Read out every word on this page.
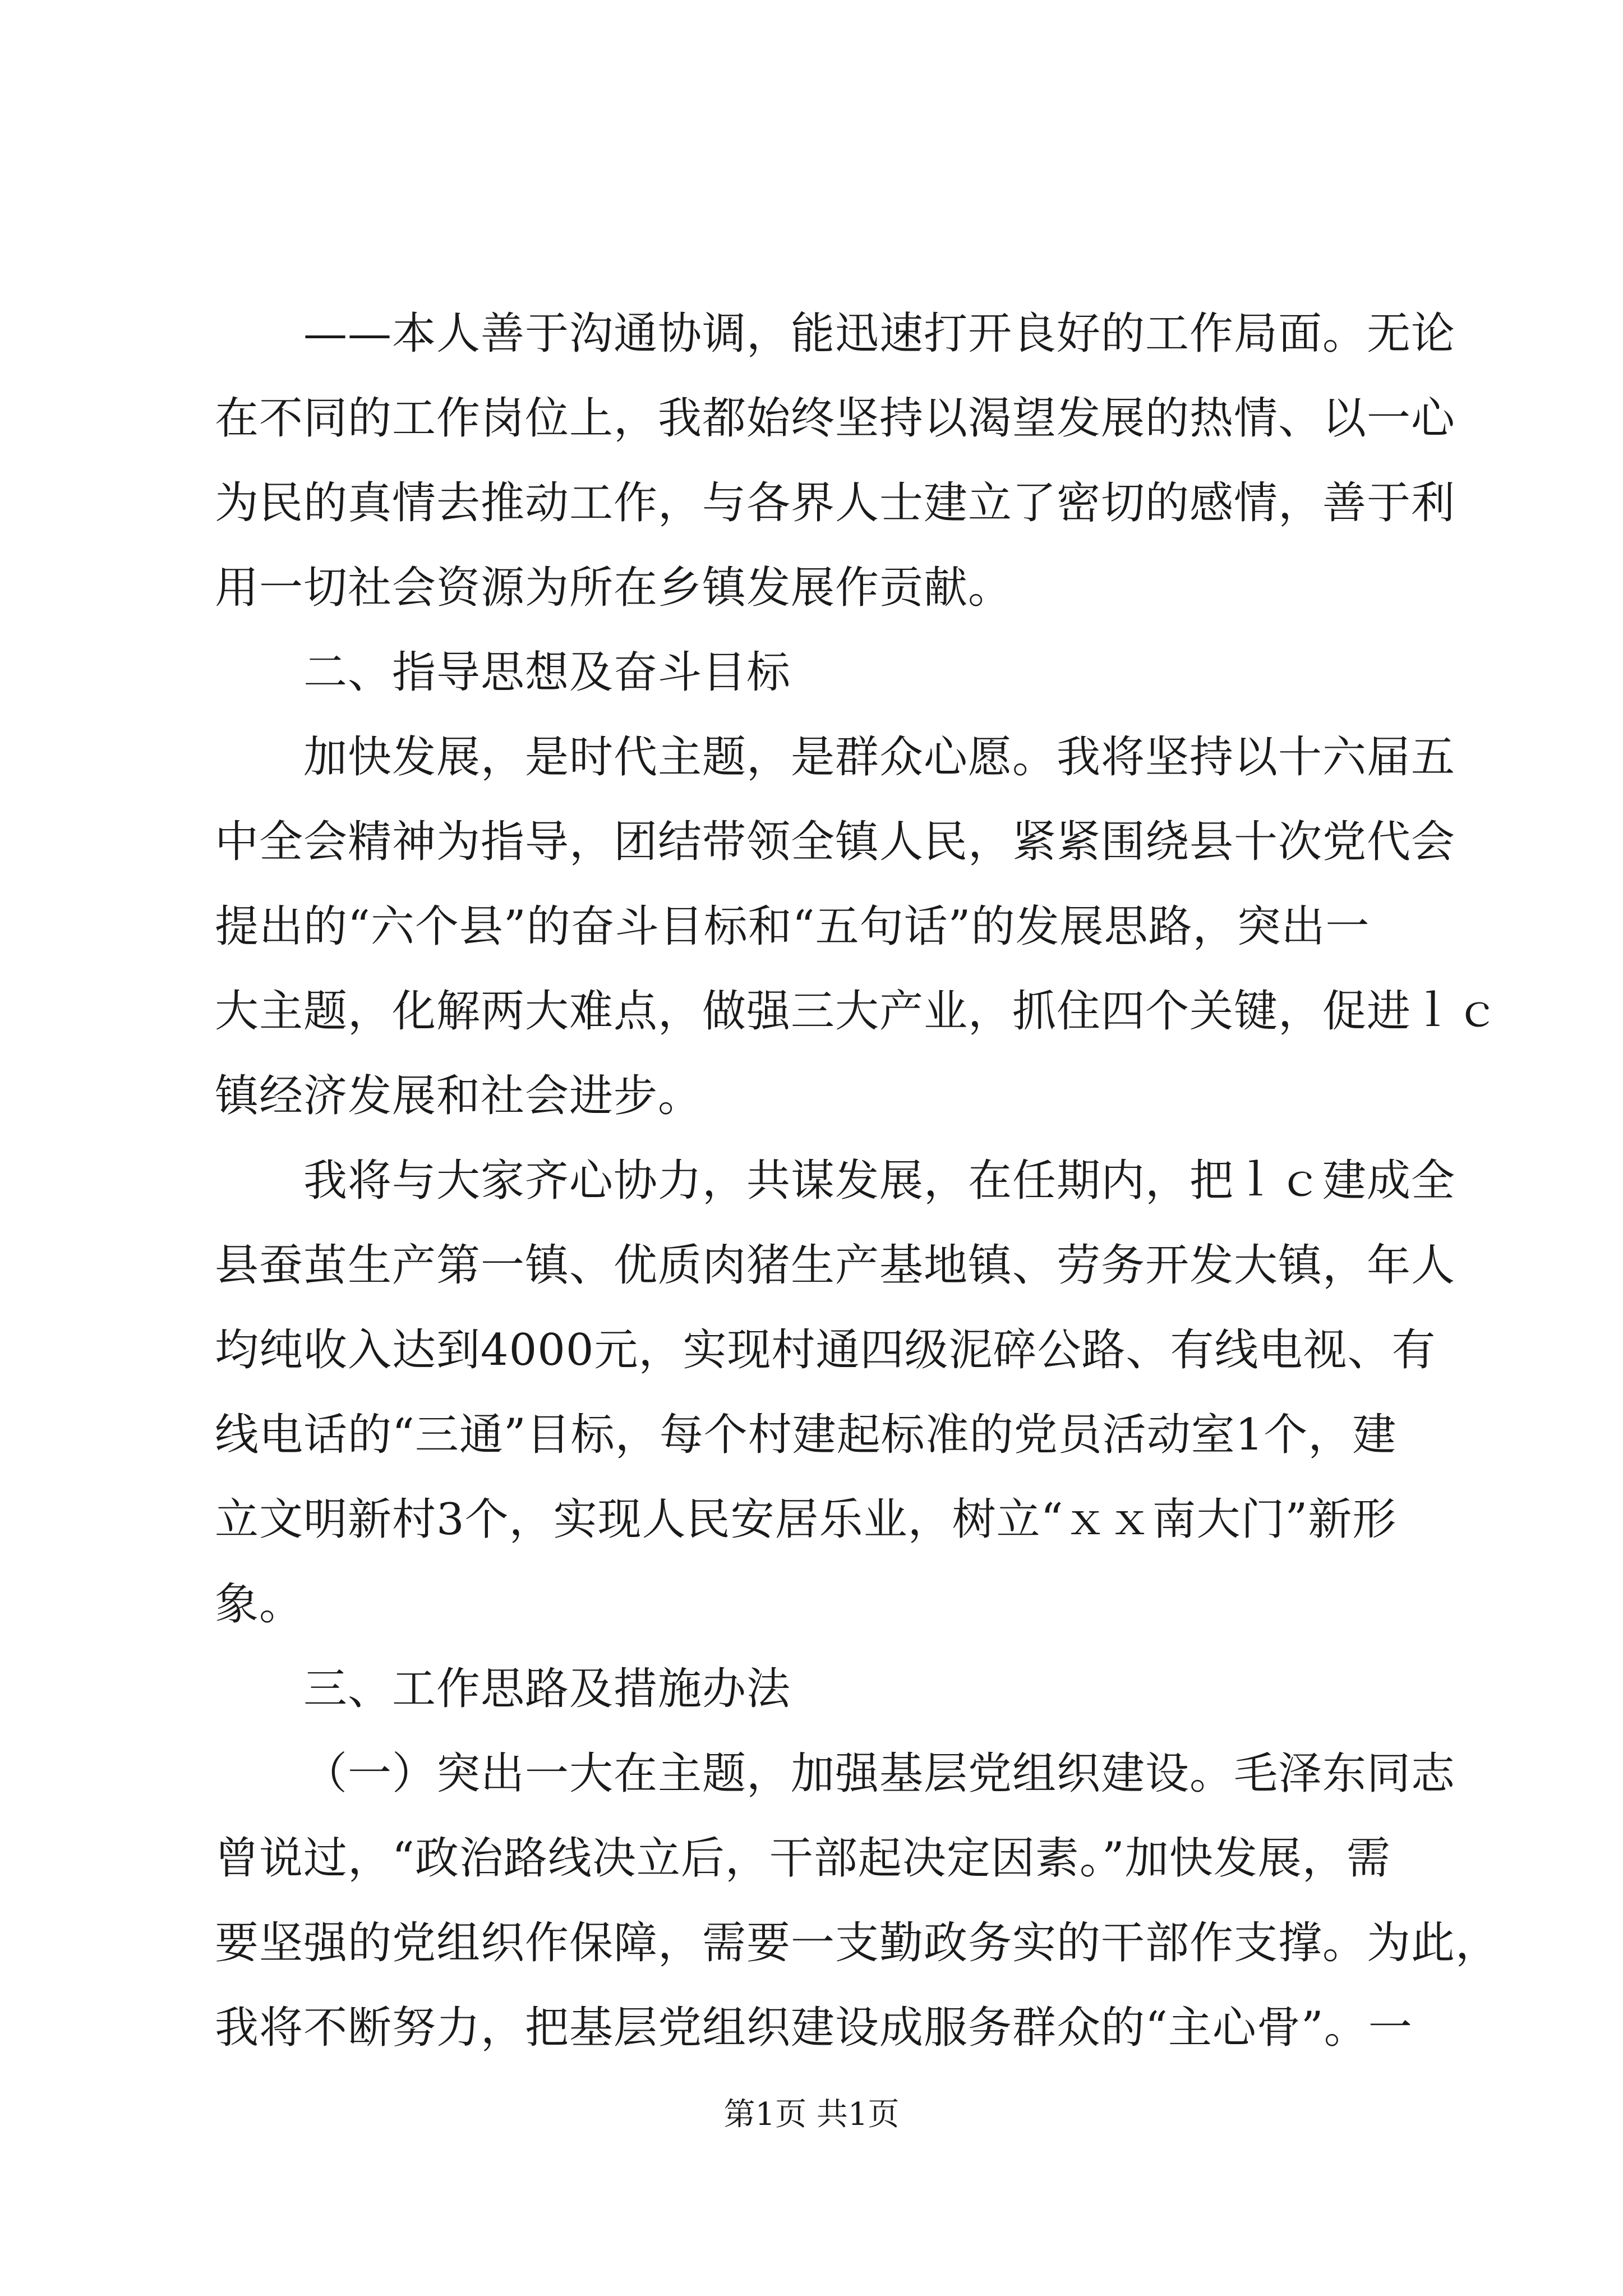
——本人善于沟通协调，能迅速打开良好的工作局面。无论
在不同的工作岗位上，我都始终坚持以渴望发展的热情、以一心
为民的真情去推动工作，与各界人士建立了密切的感情，善于利
用一切社会资源为所在乡镇发展作贡献。
二、指导思想及奋斗目标
加快发展，是时代主题，是群众心愿。我将坚持以十六届五
中全会精神为指导，团结带领全镇人民，紧紧围绕县十次党代会
提出的“六个县”的奋斗目标和“五句话”的发展思路，突出一
大主题，化解两大难点，做强三大产业，抓住四个关键，促进ｌｃ
镇经济发展和社会进步。
我将与大家齐心协力，共谋发展，在任期内，把ｌｃ建成全
县蚕茧生产第一镇、优质肉猪生产基地镇、劳务开发大镇，年人
均纯收入达到4000元，实现村通四级泥碎公路、有线电视、有
线电话的“三通”目标，每个村建起标准的党员活动室1个，建
立文明新村3个，实现人民安居乐业，树立“ｘｘ南大门”新形
象。
三、工作思路及措施办法
（一）突出一大在主题，加强基层党组织建设。毛泽东同志
曾说过，“政治路线决立后，干部起决定因素。”加快发展，需
要坚强的党组织作保障，需要一支勤政务实的干部作支撑。为此，
我将不断努力，把基层党组织建设成服务群众的“主心骨”。一
第1页 共1页
